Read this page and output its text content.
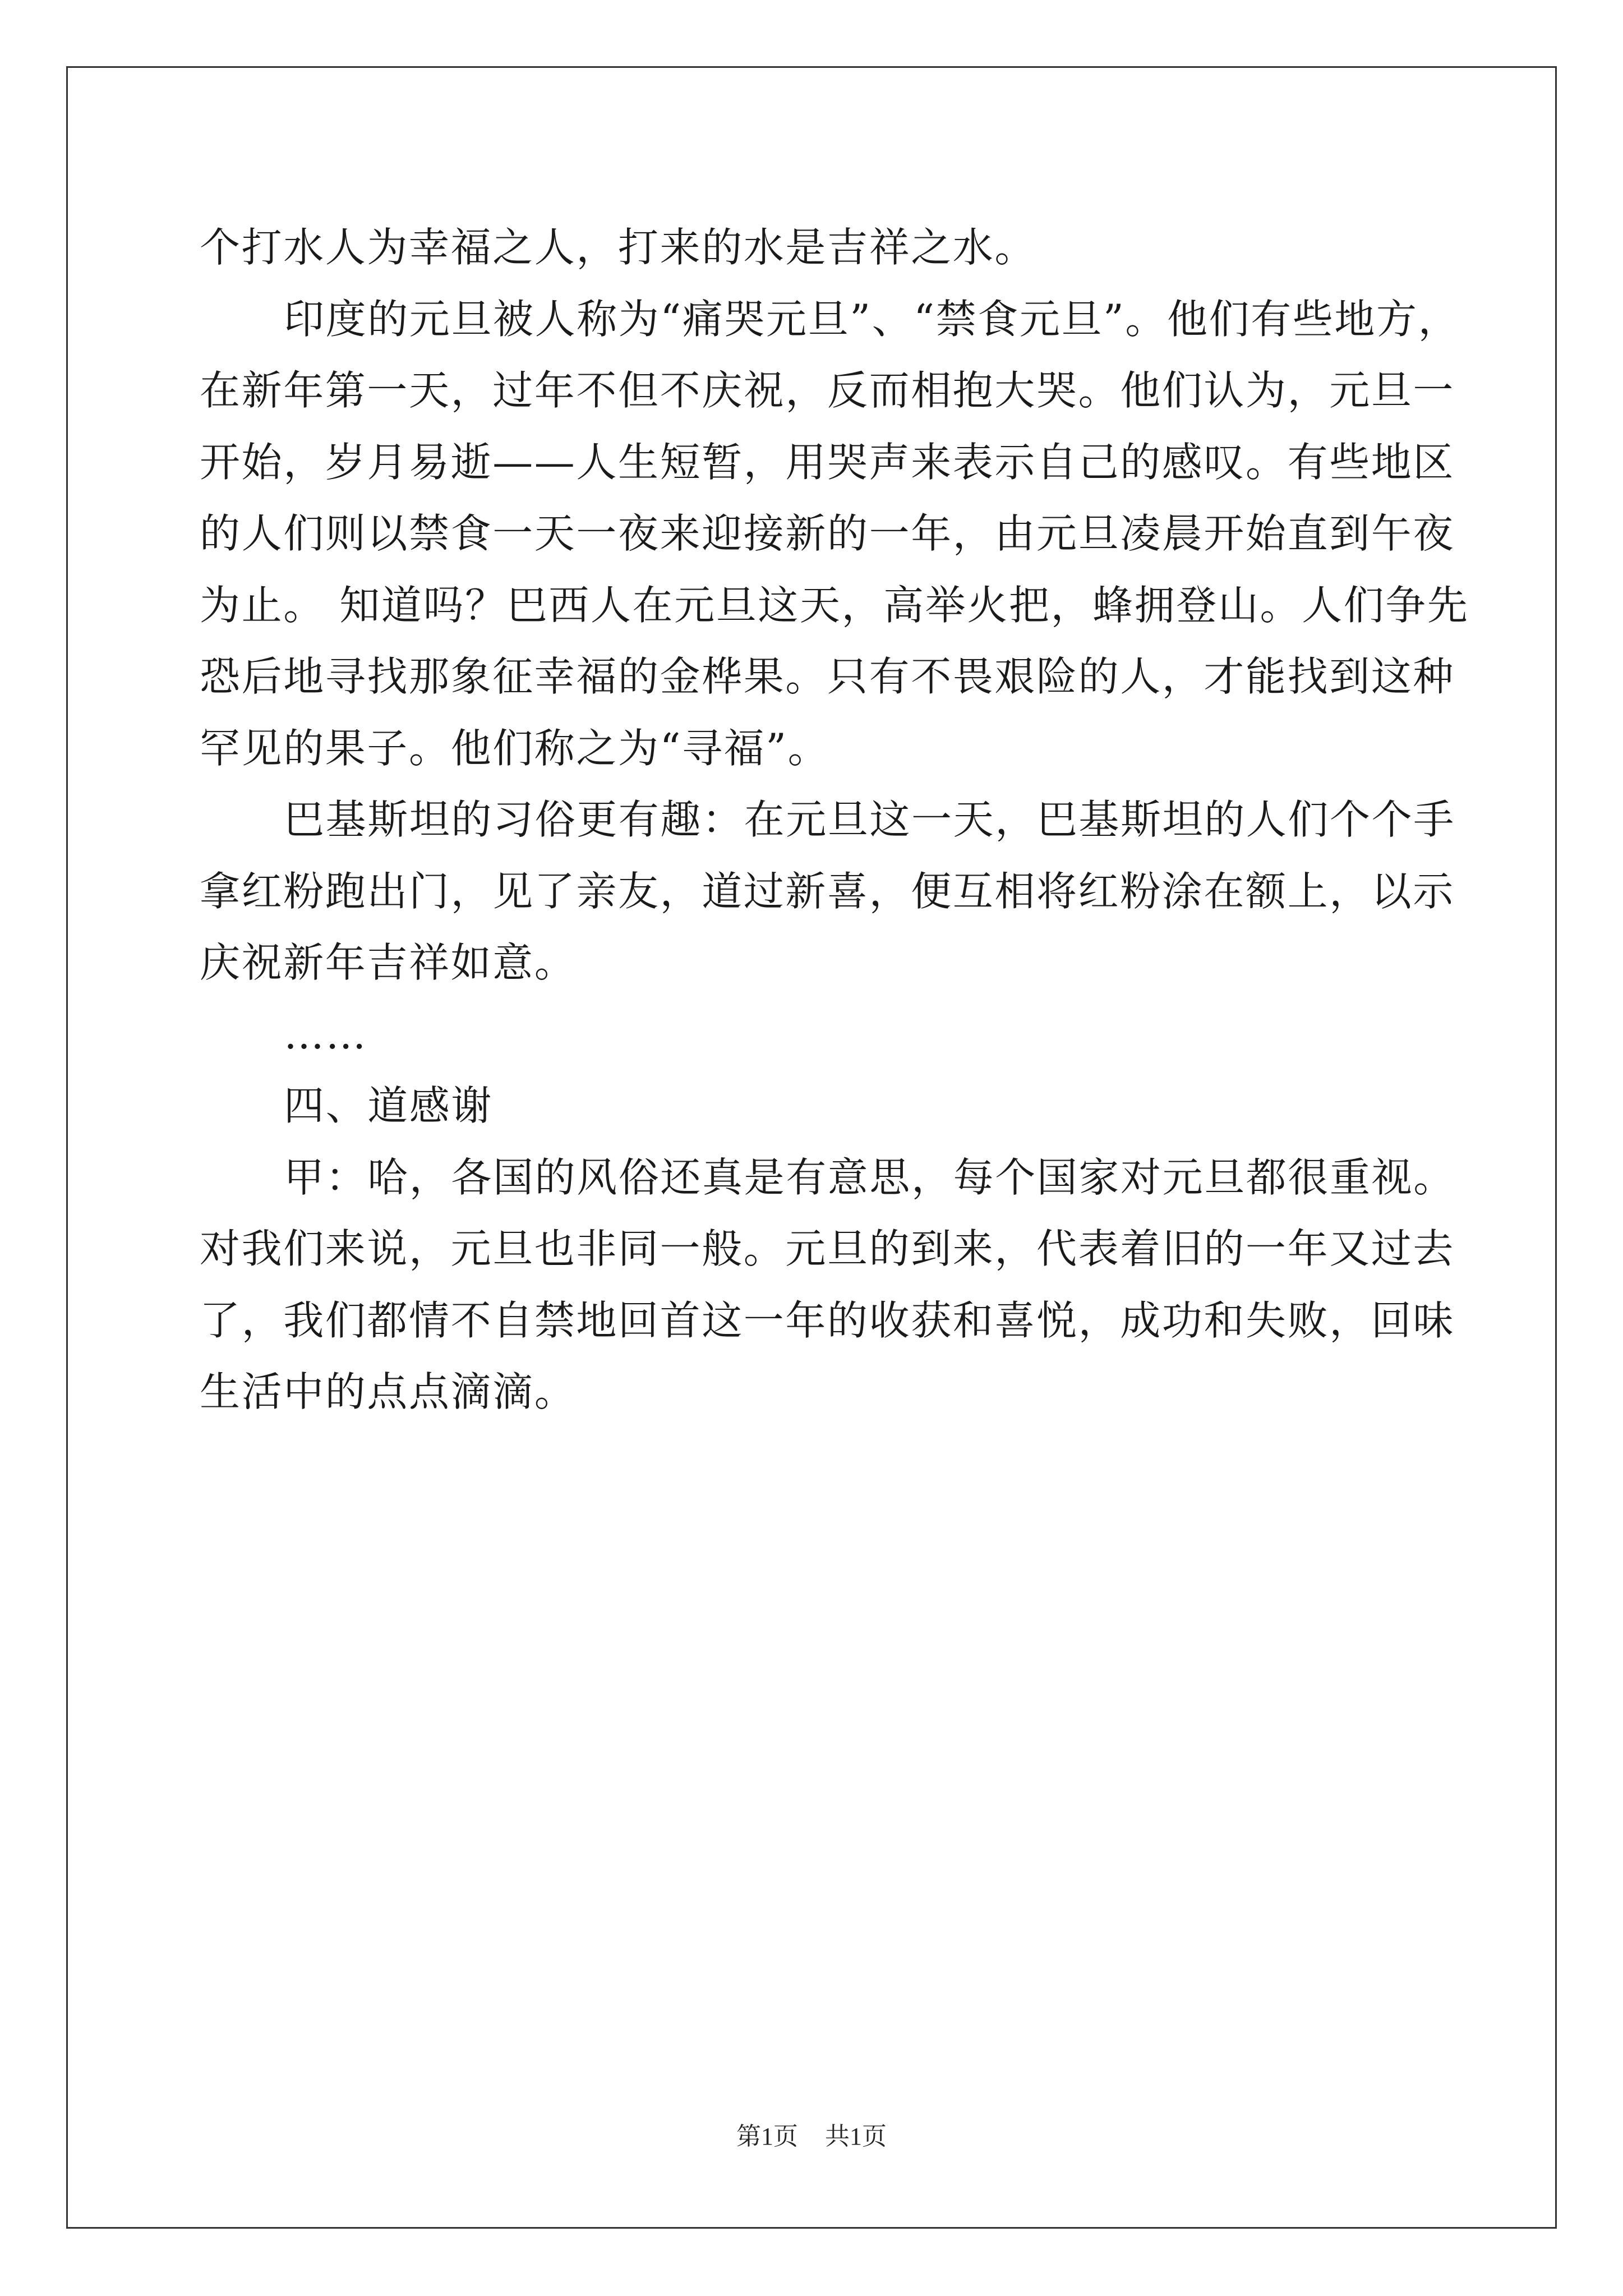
个打水人为幸福之人，打来的水是吉祥之水。
印度的元旦被人称为“痛哭元旦”、“禁食元旦”。他们有些地方，
在新年第一天，过年不但不庆祝，反而相抱大哭。他们认为，元旦一
开始，岁月易逝——人生短暂，用哭声来表示自己的感叹。有些地区
的人们则以禁食一天一夜来迎接新的一年，由元旦凌晨开始直到午夜
为止。 知道吗？巴西人在元旦这天，高举火把，蜂拥登山。人们争先
恐后地寻找那象征幸福的金桦果。只有不畏艰险的人，才能找到这种
罕见的果子。他们称之为“寻福”。
巴基斯坦的习俗更有趣：在元旦这一天，巴基斯坦的人们个个手
拿红粉跑出门，见了亲友，道过新喜，便互相将红粉涂在额上，以示
庆祝新年吉祥如意。
……
四、道感谢
甲：哈，各国的风俗还真是有意思，每个国家对元旦都很重视。
对我们来说，元旦也非同一般。元旦的到来，代表着旧的一年又过去
了，我们都情不自禁地回首这一年的收获和喜悦，成功和失败，回味
生活中的点点滴滴。
第1页 共1页
